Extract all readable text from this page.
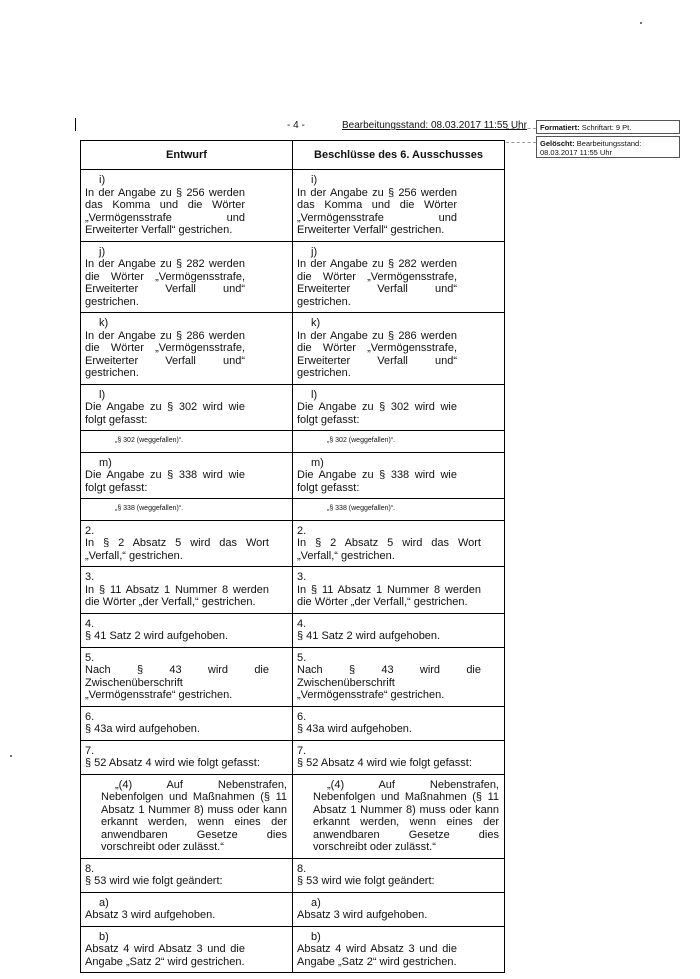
- 4 -	Bearbeitungsstand: 08.03.2017 11:55 Uhr	Formatiert: Schriftart: 9 Pt.
Gelöscht: Bearbeitungsstand: 08.03.2017 11:55 Uhr
Entwurf	Beschlüsse des 6. Ausschusses
i)In der Angabe zu § 256 werden das Komma und die Wörter „Vermögensstrafe und Erweiterter Verfall“ gestrichen.	i)In der Angabe zu § 256 werden das Komma und die Wörter „Vermögensstrafe und Erweiterter Verfall“ gestrichen.
j)In der Angabe zu § 282 werden die Wörter „Vermögensstrafe, Erweiterter Verfall und“ gestrichen.	j)In der Angabe zu § 282 werden die Wörter „Vermögensstrafe, Erweiterter Verfall und“ gestrichen.
k)In der Angabe zu § 286 werden die Wörter „Vermögensstrafe, Erweiterter Verfall und“ gestrichen.	k)In der Angabe zu § 286 werden die Wörter „Vermögensstrafe, Erweiterter Verfall und“ gestrichen.
l)Die Angabe zu § 302 wird wie folgt gefasst:	l)Die Angabe zu § 302 wird wie folgt gefasst:
„§ 302 (weggefallen)“.	„§ 302 (weggefallen)“.
m)Die Angabe zu § 338 wird wie folgt gefasst:	m)Die Angabe zu § 338 wird wie folgt gefasst:
„§ 338 (weggefallen)“.	„§ 338 (weggefallen)“.
2.In § 2 Absatz 5 wird das Wort „Verfall,“ gestrichen.	2.In § 2 Absatz 5 wird das Wort „Verfall,“ gestrichen.
3.In § 11 Absatz 1 Nummer 8 werden die Wörter „der Verfall,“ gestrichen.	3.In § 11 Absatz 1 Nummer 8 werden die Wörter „der Verfall,“ gestrichen.
4.§ 41 Satz 2 wird aufgehoben.	4.§ 41 Satz 2 wird aufgehoben.
5.Nach § 43 wird die Zwischenüberschrift „Vermögensstrafe“ gestrichen.	5.Nach § 43 wird die Zwischenüberschrift „Vermögensstrafe“ gestrichen.
6.§ 43a wird aufgehoben.	6.§ 43a wird aufgehoben.
7.§ 52 Absatz 4 wird wie folgt gefasst:	7.§ 52 Absatz 4 wird wie folgt gefasst:
„(4) Auf Nebenstrafen, Nebenfolgen und Maßnahmen (§ 11 Absatz 1 Nummer 8) muss oder kann erkannt werden, wenn eines der anwendbaren Gesetze dies vorschreibt oder zulässt.“	„(4) Auf Nebenstrafen, Nebenfolgen und Maßnahmen (§ 11 Absatz 1 Nummer 8) muss oder kann erkannt werden, wenn eines der anwendbaren Gesetze dies vorschreibt oder zulässt.“
8.§ 53 wird wie folgt geändert:	8.§ 53 wird wie folgt geändert:
a)Absatz 3 wird aufgehoben.	a)Absatz 3 wird aufgehoben.
b)Absatz 4 wird Absatz 3 und die Angabe „Satz 2“ wird gestrichen.	b)Absatz 4 wird Absatz 3 und die Angabe „Satz 2“ wird gestrichen.
